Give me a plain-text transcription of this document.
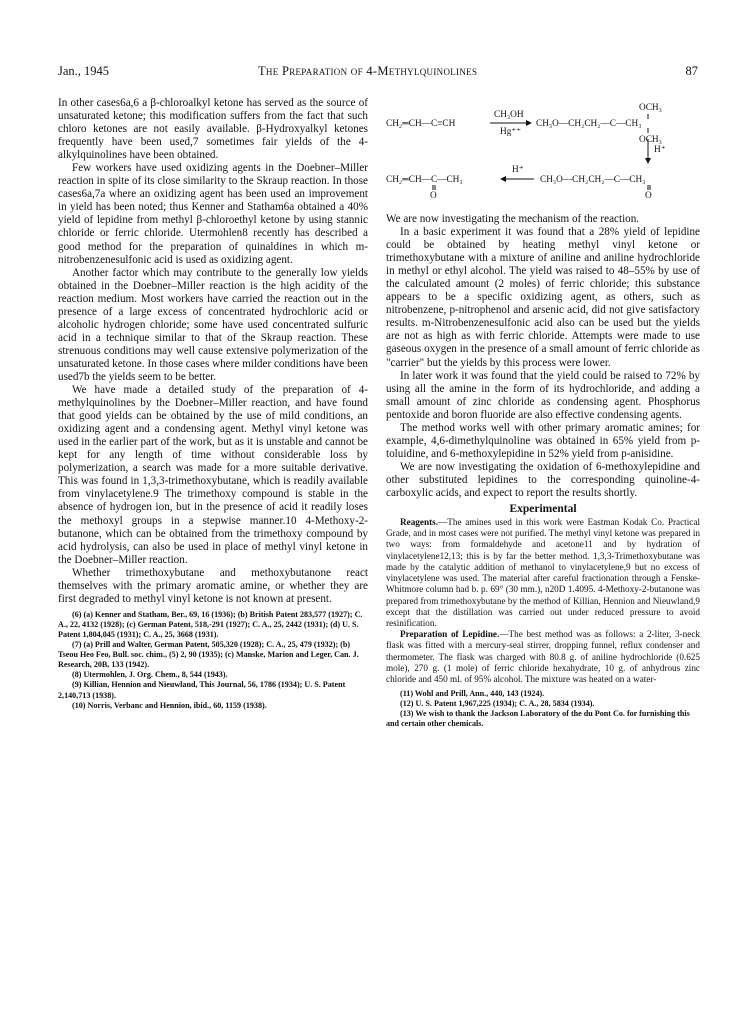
Jan., 1945	The Preparation of 4-Methylquinolines	87

In other cases6a,6 a β-chloroalkyl ketone has served as the source of unsaturated ketone; this modification suffers from the fact that such chloro ketones are not easily available. β-Hydroxyalkyl ketones frequently have been used,7 sometimes fair yields of the 4-alkylquinolines have been obtained.

Few workers have used oxidizing agents in the Doebner–Miller reaction in spite of its close similarity to the Skraup reaction. In those cases6a,7a where an oxidizing agent has been used an improvement in yield has been noted; thus Kenner and Statham6a obtained a 40% yield of lepidine from methyl β-chloroethyl ketone by using stannic chloride or ferric chloride. Utermohlen8 recently has described a good method for the preparation of quinaldines in which m-nitrobenzenesulfonic acid is used as oxidizing agent.

Another factor which may contribute to the generally low yields obtained in the Doebner–Miller reaction is the high acidity of the reaction medium. Most workers have carried the reaction out in the presence of a large excess of concentrated hydrochloric acid or alcoholic hydrogen chloride; some have used concentrated sulfuric acid in a technique similar to that of the Skraup reaction. These strenuous conditions may well cause extensive polymerization of the unsaturated ketone. In those cases where milder conditions have been used7b the yields seem to be better.

We have made a detailed study of the preparation of 4-methylquinolines by the Doebner–Miller reaction, and have found that good yields can be obtained by the use of mild conditions, an oxidizing agent and a condensing agent. Methyl vinyl ketone was used in the earlier part of the work, but as it is unstable and cannot be kept for any length of time without considerable loss by polymerization, a search was made for a more suitable derivative. This was found in 1,3,3-trimethoxybutane, which is readily available from vinylacetylene.9 The trimethoxy compound is stable in the absence of hydrogen ion, but in the presence of acid it readily loses the methoxyl groups in a stepwise manner.10 4-Methoxy-2-butanone, which can be obtained from the trimethoxy compound by acid hydrolysis, can also be used in place of methyl vinyl ketone in the Doebner–Miller reaction.

Whether trimethoxybutane and methoxybutanone react themselves with the primary aromatic amine, or whether they are first degraded to methyl vinyl ketone is not known at present.

(6) (a) Kenner and Statham, Ber., 69, 16 (1936); (b) British Patent 283,577 (1927); C. A., 22, 4132 (1928); (c) German Patent, 518,-291 (1927); C. A., 25, 2442 (1931); (d) U. S. Patent 1,804,045 (1931); C. A., 25, 3668 (1931).

(7) (a) Prill and Walter, German Patent, 505,320 (1928); C. A., 25, 479 (1932); (b) Tseou Heo Feo, Bull. soc. chim., (5) 2, 90 (1935); (c) Manske, Marion and Leger, Can. J. Research, 20B, 133 (1942).

(8) Utermohlen, J. Org. Chem., 8, 544 (1943).

(9) Killian, Hennion and Nieuwland, This Journal, 56, 1786 (1934); U. S. Patent 2,140,713 (1938).

(10) Norris, Verbanc and Hennion, ibid., 60, 1159 (1938).

CH₂═CH—C≡CH
CH₃OH
Hg⁺⁺
CH₃O—CH₂CH₂—C—CH₃
OCH₃
OCH₃
H⁺
CH₂═CH—C—CH₃
O
H⁺
CH₃O—CH₂CH₂—C—CH₃
O

We are now investigating the mechanism of the reaction.

In a basic experiment it was found that a 28% yield of lepidine could be obtained by heating methyl vinyl ketone or trimethoxybutane with a mixture of aniline and aniline hydrochloride in methyl or ethyl alcohol. The yield was raised to 48–55% by use of the calculated amount (2 moles) of ferric chloride; this substance appears to be a specific oxidizing agent, as others, such as nitrobenzene, p-nitrophenol and arsenic acid, did not give satisfactory results. m-Nitrobenzenesulfonic acid also can be used but the yields are not as high as with ferric chloride. Attempts were made to use gaseous oxygen in the presence of a small amount of ferric chloride as "carrier" but the yields by this process were lower.

In later work it was found that the yield could be raised to 72% by using all the amine in the form of its hydrochloride, and adding a small amount of zinc chloride as condensing agent. Phosphorus pentoxide and boron fluoride are also effective condensing agents.

The method works well with other primary aromatic amines; for example, 4,6-dimethylquinoline was obtained in 65% yield from p-toluidine, and 6-methoxylepidine in 52% yield from p-anisidine.

We are now investigating the oxidation of 6-methoxylepidine and other substituted lepidines to the corresponding quinoline-4-carboxylic acids, and expect to report the results shortly.

Experimental

Reagents.—The amines used in this work were Eastman Kodak Co. Practical Grade, and in most cases were not purified. The methyl vinyl ketone was prepared in two ways: from formaldehyde and acetone11 and by hydration of vinylacetylene12,13; this is by far the better method. 1,3,3-Trimethoxybutane was made by the catalytic addition of methanol to vinylacetylene,9 but no excess of vinylacetylene was used. The material after careful fractionation through a Fenske-Whitmore column had b. p. 69° (30 mm.), n20D 1.4095. 4-Methoxy-2-butanone was prepared from trimethoxybutane by the method of Killian, Hennion and Nieuwland,9 except that the distillation was carried out under reduced pressure to avoid resinification.

Preparation of Lepidine.—The best method was as follows: a 2-liter, 3-neck flask was fitted with a mercury-seal stirrer, dropping funnel, reflux condenser and thermometer. The flask was charged with 80.8 g. of aniline hydrochloride (0.625 mole), 270 g. (1 mole) of ferric chloride hexahydrate, 10 g. of anhydrous zinc chloride and 450 ml. of 95% alcohol. The mixture was heated on a water-

(11) Wohl and Prill, Ann., 440, 143 (1924).

(12) U. S. Patent 1,967,225 (1934); C. A., 28, 5834 (1934).

(13) We wish to thank the Jackson Laboratory of the du Pont Co. for furnishing this and certain other chemicals.
